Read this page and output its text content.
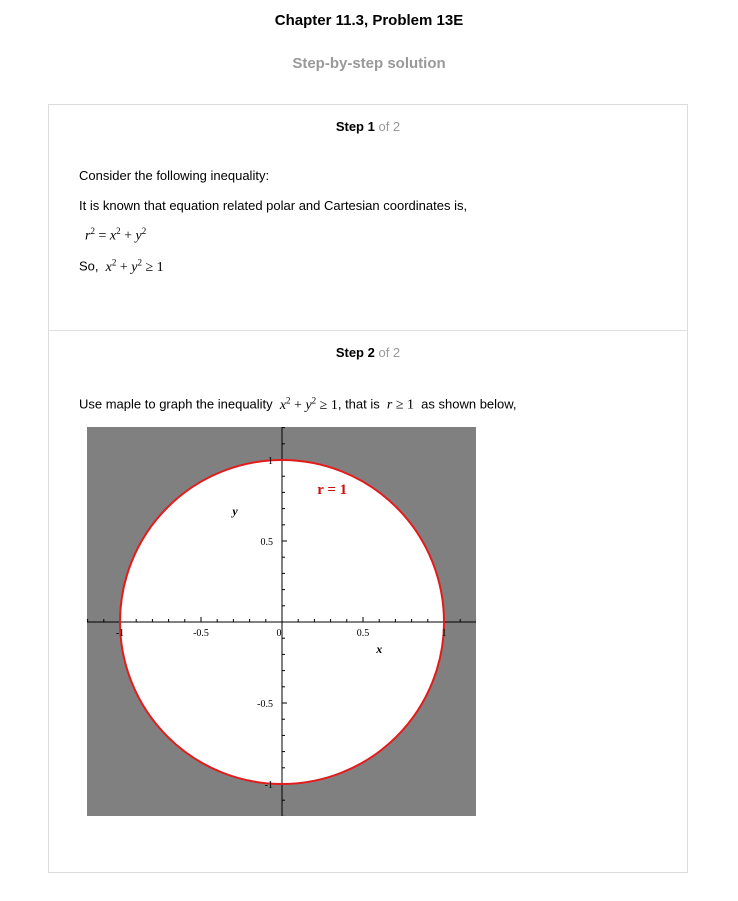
Chapter 11.3, Problem 13E
Step-by-step solution
Step 1 of 2
Consider the following inequality:
It is known that equation related polar and Cartesian coordinates is,
$r^2 = x^2 + y^2$
So,  $x^2 + y^2 \ge 1$
Step 2 of 2
Use maple to graph the inequality  $x^2 + y^2 \ge 1$, that is  r ≥ 1 as shown below,
-1	-0.5	0	0.5	1
1
0.5
-0.5
-1
x
y
r = 1
